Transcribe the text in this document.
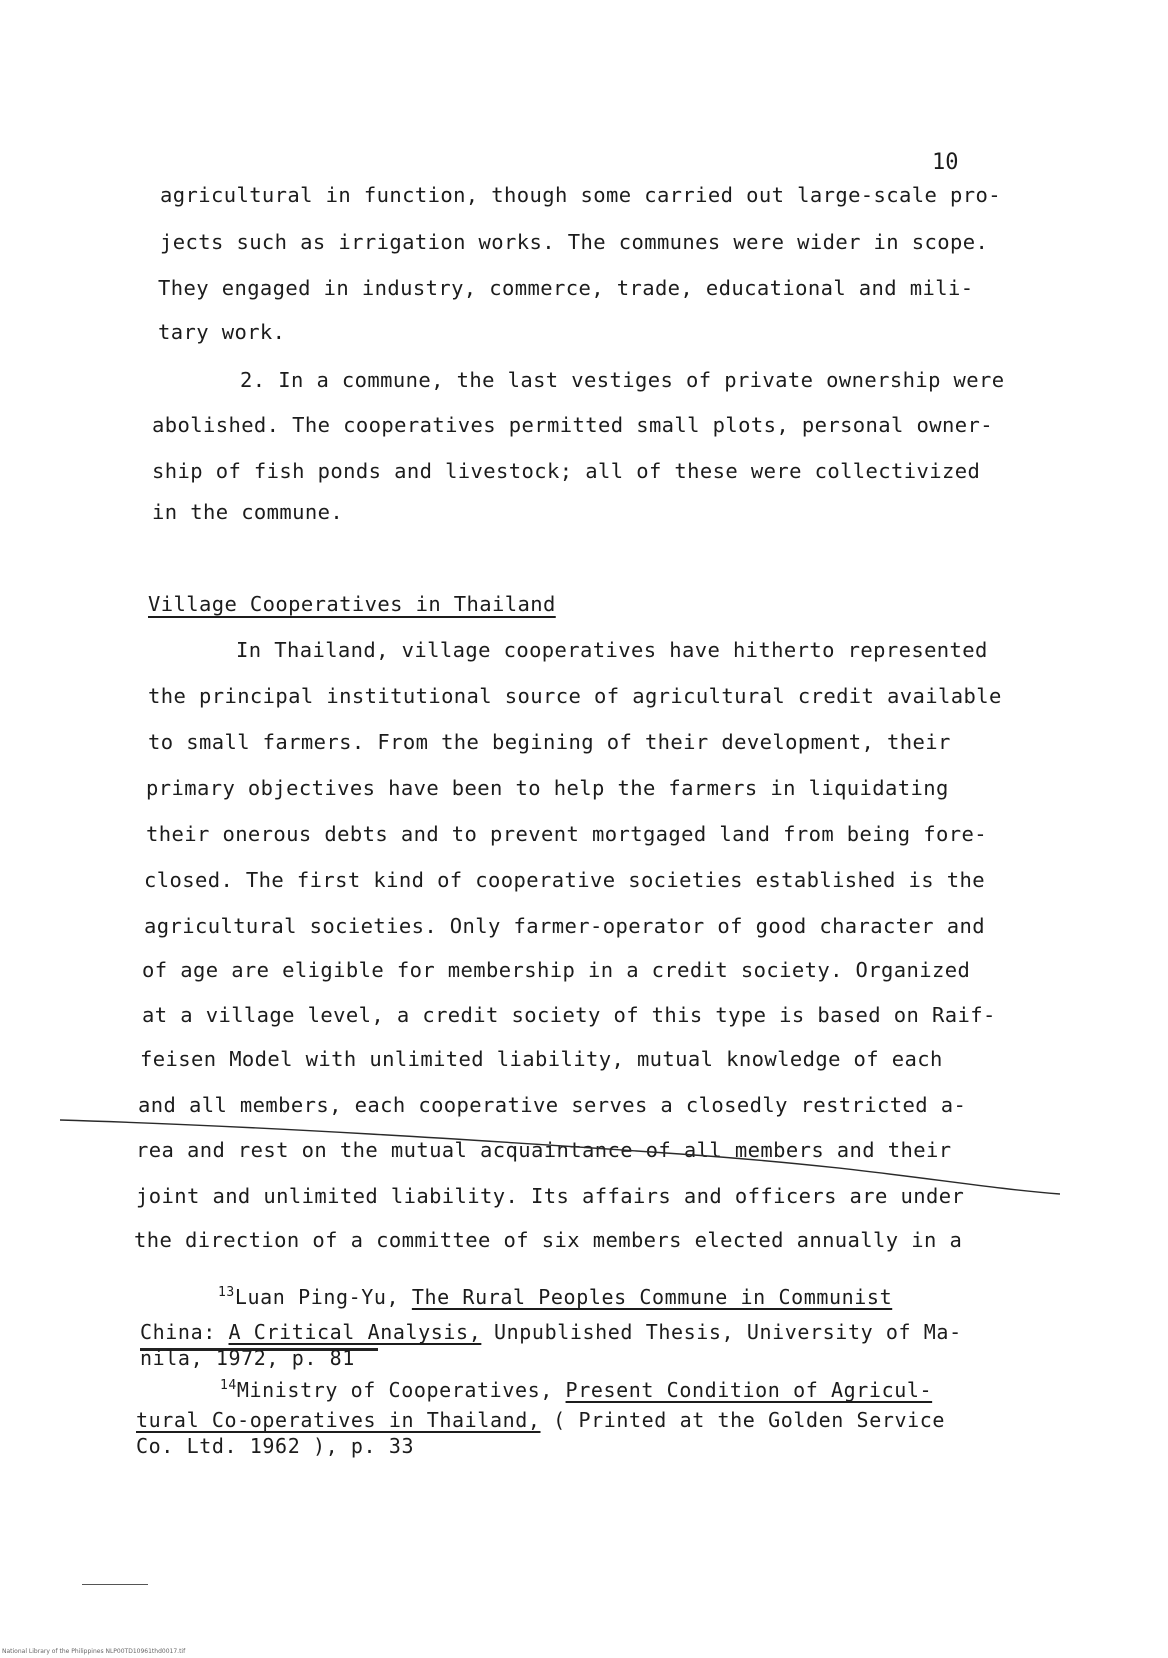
10
agricultural in function, though some carried out large-scale pro-
jects such as irrigation works. The communes were wider in scope.
They engaged in industry, commerce, trade, educational and mili-
tary work.
2. In a commune, the last vestiges of private ownership were
abolished. The cooperatives permitted small plots, personal owner-
ship of fish ponds and livestock; all of these were collectivized
in the commune.
Village Cooperatives in Thailand
In Thailand, village cooperatives have hitherto represented
the principal institutional source of agricultural credit available
to small farmers. From the begining of their development, their
primary objectives have been to help the farmers in liquidating
their onerous debts and to prevent mortgaged land from being fore-
closed. The first kind of cooperative societies established is the
agricultural societies. Only farmer-operator of good character and
of age are eligible for membership in a credit society. Organized
at a village level, a credit society of this type is based on Raif-
feisen Model with unlimited liability, mutual knowledge of each
and all members, each cooperative serves a closedly restricted a-
rea and rest on the mutual acquaintance of all members and their
joint and unlimited liability. Its affairs and officers are under
the direction of a committee of six members elected annually in a
$^{13}$Luan Ping-Yu, The Rural Peoples Commune in Communist
China: A Critical Analysis, Unpublished Thesis, University of Ma-
nila, 1972, p. 81
$^{14}$Ministry of Cooperatives, Present Condition of Agricul-
tural Co-operatives in Thailand, ( Printed at the Golden Service
Co. Ltd. 1962 ), p. 33
National Library of the Philippines NLP00TD10961thd0017.tif
